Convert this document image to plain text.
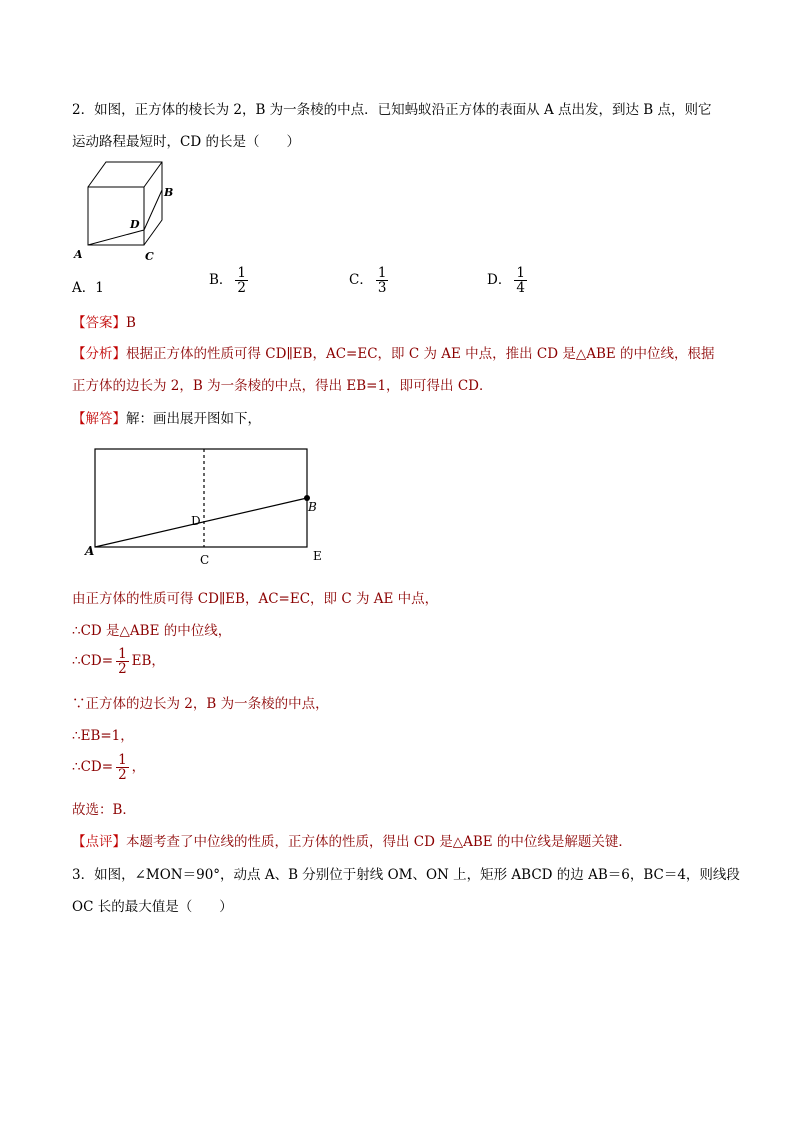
2．如图，正方体的棱长为 2，B 为一条棱的中点．已知蚂蚁沿正方体的表面从 A 点出发，到达 B 点，则它
运动路程最短时，CD 的长是（　　）
B
D
A	C
A．1	B． $\frac{1}{2}$	C． $\frac{1}{3}$	D． $\frac{1}{4}$
【答案】B
【分析】根据正方体的性质可得 CD∥EB，AC=EC，即 C 为 AE 中点，推出 CD 是△ABE 的中位线，根据
正方体的边长为 2，B 为一条棱的中点，得出 EB=1，即可得出 CD．
【解答】解：画出展开图如下，
A
B
D
C	E
由正方体的性质可得 CD∥EB，AC=EC，即 C 为 AE 中点，
∴CD 是△ABE 的中位线，
∴CD= $\frac{1}{2}$ EB，
∵正方体的边长为 2，B 为一条棱的中点，
∴EB=1，
∴CD= $\frac{1}{2}$ ，
故选：B．
【点评】本题考查了中位线的性质，正方体的性质，得出 CD 是△ABE 的中位线是解题关键．
3．如图，∠MON＝90°，动点 A、B 分别位于射线 OM、ON 上，矩形 ABCD 的边 AB＝6，BC＝4，则线段
OC 长的最大值是（　　）
